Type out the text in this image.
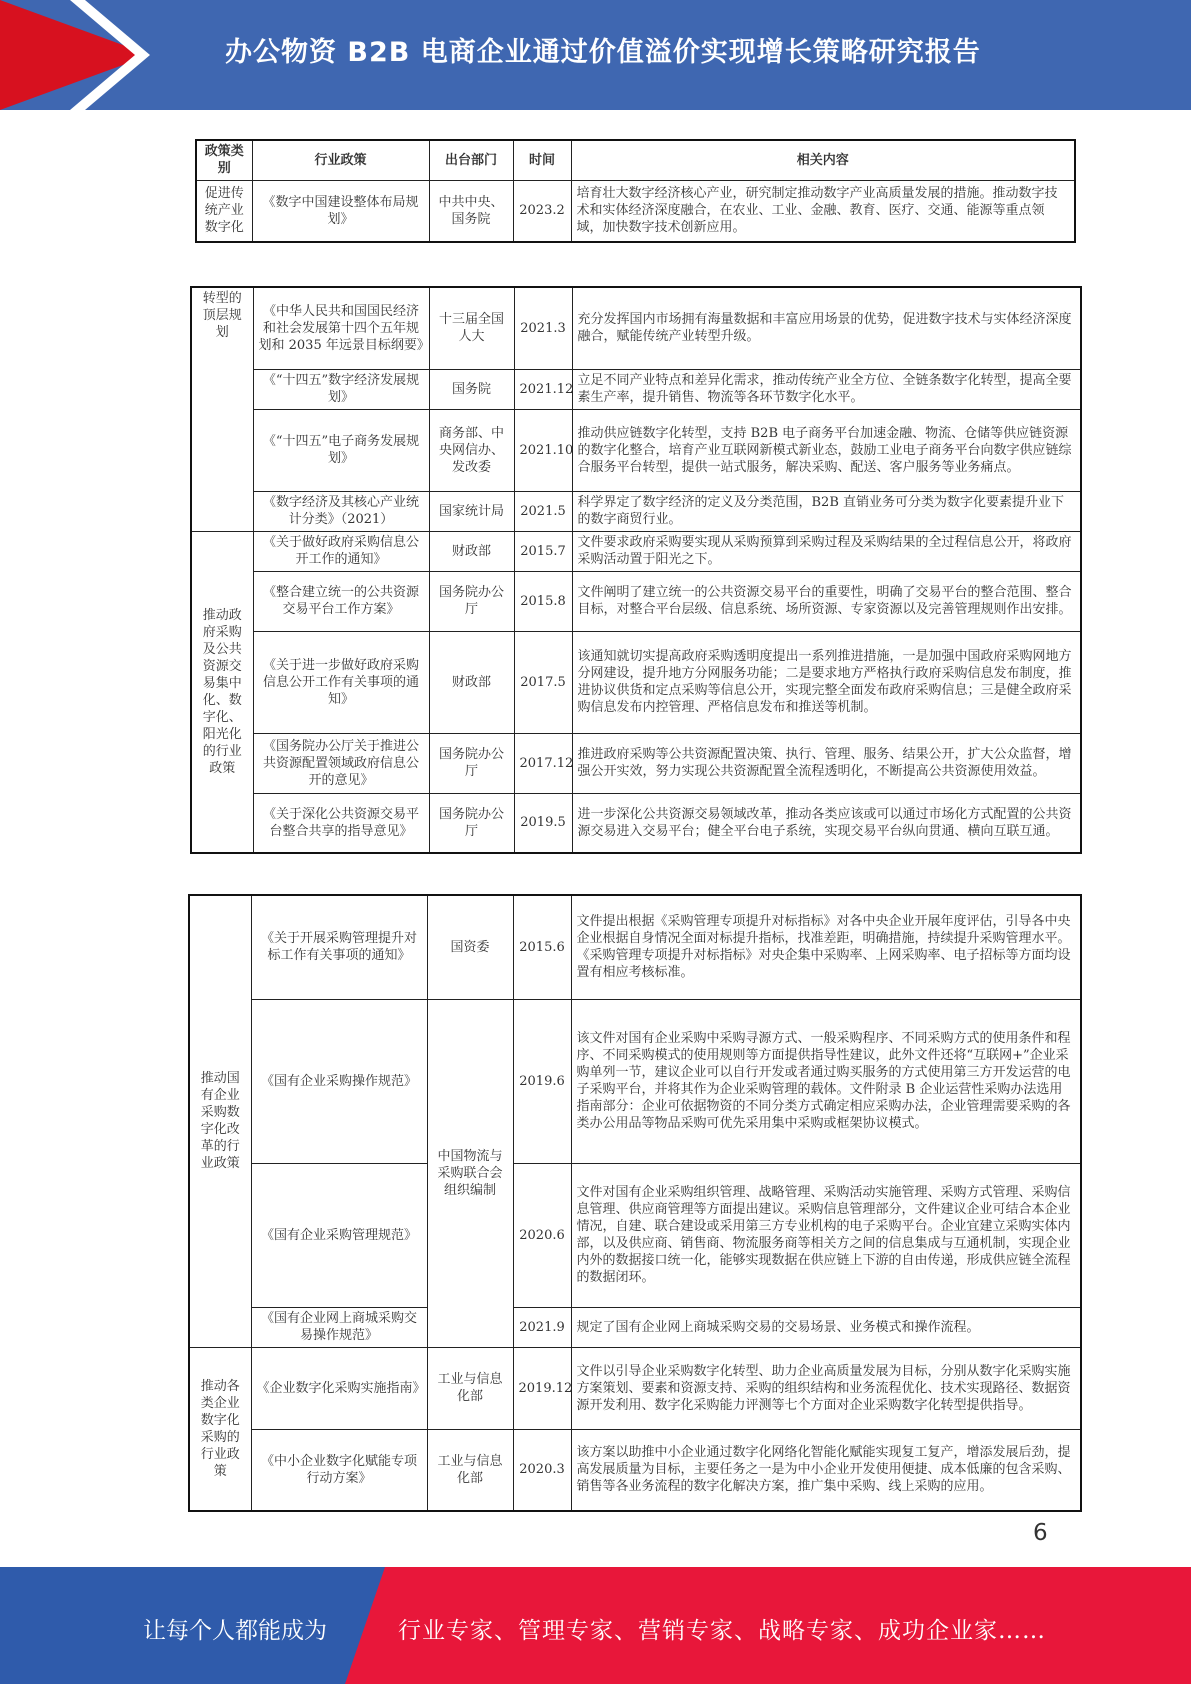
办公物资 B2B 电商企业通过价值溢价实现增长策略研究报告
政策类别	行业政策	出台部门	时间	相关内容
促进传统产业数字化	《数字中国建设整体布局规划》	中共中央、国务院	2023.2	培育壮大数字经济核心产业，研究制定推动数字产业高质量发展的措施。推动数字技术和实体经济深度融合，在农业、工业、金融、教育、医疗、交通、能源等重点领域，加快数字技术创新应用。
转型的顶层规划	《中华人民共和国国民经济和社会发展第十四个五年规划和 2035 年远景目标纲要》	十三届全国人大	2021.3	充分发挥国内市场拥有海量数据和丰富应用场景的优势，促进数字技术与实体经济深度融合，赋能传统产业转型升级。
	《“十四五”数字经济发展规划》	国务院	2021.12	立足不同产业特点和差异化需求，推动传统产业全方位、全链条数字化转型，提高全要素生产率，提升销售、物流等各环节数字化水平。
	《“十四五”电子商务发展规划》	商务部、中央网信办、发改委	2021.10	推动供应链数字化转型，支持 B2B 电子商务平台加速金融、物流、仓储等供应链资源的数字化整合，培育产业互联网新模式新业态，鼓励工业电子商务平台向数字供应链综合服务平台转型，提供一站式服务，解决采购、配送、客户服务等业务痛点。
	《数字经济及其核心产业统计分类》（2021）	国家统计局	2021.5	科学界定了数字经济的定义及分类范围，B2B 直销业务可分类为数字化要素提升业下的数字商贸行业。
推动政府采购及公共资源交易集中化、数字化、阳光化的行业政策	《关于做好政府采购信息公开工作的通知》	财政部	2015.7	文件要求政府采购要实现从采购预算到采购过程及采购结果的全过程信息公开，将政府采购活动置于阳光之下。
	《整合建立统一的公共资源交易平台工作方案》	国务院办公厅	2015.8	文件阐明了建立统一的公共资源交易平台的重要性，明确了交易平台的整合范围、整合目标，对整合平台层级、信息系统、场所资源、专家资源以及完善管理规则作出安排。
	《关于进一步做好政府采购信息公开工作有关事项的通知》	财政部	2017.5	该通知就切实提高政府采购透明度提出一系列推进措施，一是加强中国政府采购网地方分网建设，提升地方分网服务功能；二是要求地方严格执行政府采购信息发布制度，推进协议供货和定点采购等信息公开，实现完整全面发布政府采购信息；三是健全政府采购信息发布内控管理、严格信息发布和推送等机制。
	《国务院办公厅关于推进公共资源配置领域政府信息公开的意见》	国务院办公厅	2017.12	推进政府采购等公共资源配置决策、执行、管理、服务、结果公开，扩大公众监督，增强公开实效，努力实现公共资源配置全流程透明化，不断提高公共资源使用效益。
	《关于深化公共资源交易平台整合共享的指导意见》	国务院办公厅	2019.5	进一步深化公共资源交易领域改革，推动各类应该或可以通过市场化方式配置的公共资源交易进入交易平台；健全平台电子系统，实现交易平台纵向贯通、横向互联互通。
推动国有企业采购数字化改革的行业政策	《关于开展采购管理提升对标工作有关事项的通知》	国资委	2015.6	文件提出根据《采购管理专项提升对标指标》对各中央企业开展年度评估，引导各中央企业根据自身情况全面对标提升指标，找准差距，明确措施，持续提升采购管理水平。《采购管理专项提升对标指标》对央企集中采购率、上网采购率、电子招标等方面均设置有相应考核标准。
	《国有企业采购操作规范》	中国物流与采购联合会组织编制	2019.6	该文件对国有企业采购中采购寻源方式、一般采购程序、不同采购方式的使用条件和程序、不同采购模式的使用规则等方面提供指导性建议，此外文件还将“互联网+”企业采购单列一节，建议企业可以自行开发或者通过购买服务的方式使用第三方开发运营的电子采购平台，并将其作为企业采购管理的载体。文件附录 B 企业运营性采购办法选用指南部分：企业可依据物资的不同分类方式确定相应采购办法，企业管理需要采购的各类办公用品等物品采购可优先采用集中采购或框架协议模式。
	《国有企业采购管理规范》		2020.6	文件对国有企业采购组织管理、战略管理、采购活动实施管理、采购方式管理、采购信息管理、供应商管理等方面提出建议。采购信息管理部分，文件建议企业可结合本企业情况，自建、联合建设或采用第三方专业机构的电子采购平台。企业宜建立采购实体内部，以及供应商、销售商、物流服务商等相关方之间的信息集成与互通机制，实现企业内外的数据接口统一化，能够实现数据在供应链上下游的自由传递，形成供应链全流程的数据闭环。
	《国有企业网上商城采购交易操作规范》		2021.9	规定了国有企业网上商城采购交易的交易场景、业务模式和操作流程。
推动各类企业数字化采购的行业政策	《企业数字化采购实施指南》	工业与信息化部	2019.12	文件以引导企业采购数字化转型、助力企业高质量发展为目标，分别从数字化采购实施方案策划、要素和资源支持、采购的组织结构和业务流程优化、技术实现路径、数据资源开发利用、数字化采购能力评测等七个方面对企业采购数字化转型提供指导。
	《中小企业数字化赋能专项行动方案》	工业与信息化部	2020.3	该方案以助推中小企业通过数字化网络化智能化赋能实现复工复产，增添发展后劲，提高发展质量为目标，主要任务之一是为中小企业开发使用便捷、成本低廉的包含采购、销售等各业务流程的数字化解决方案，推广集中采购、线上采购的应用。
6
让每个人都能成为	行业专家、管理专家、营销专家、战略专家、成功企业家……
